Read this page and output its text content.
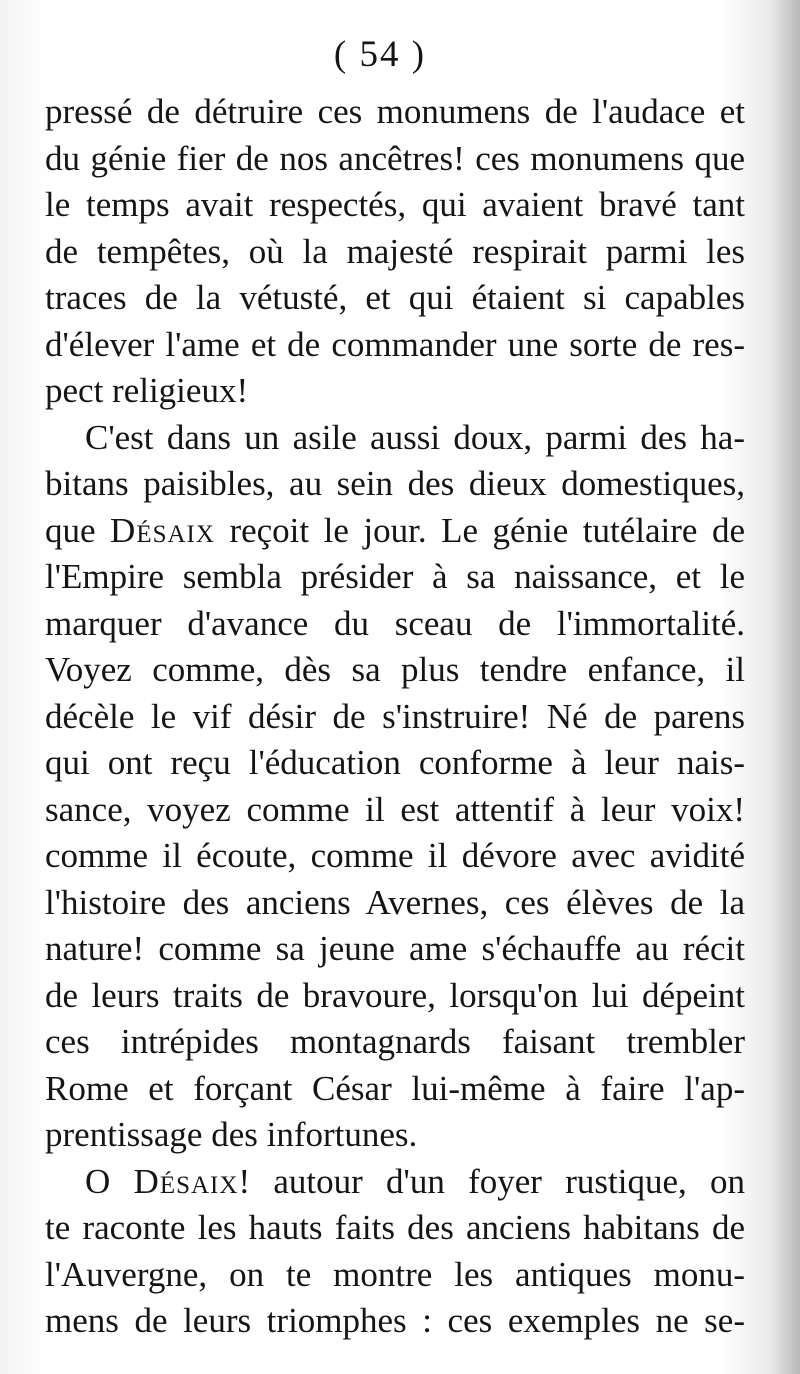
( 54 )
pressé de détruire ces monumens de l'audace et
du génie fier de nos ancêtres! ces monumens que
le temps avait respectés, qui avaient bravé tant
de tempêtes, où la majesté respirait parmi les
traces de la vétusté, et qui étaient si capables
d'élever l'ame et de commander une sorte de res-
pect religieux!
C'est dans un asile aussi doux, parmi des ha-
bitans paisibles, au sein des dieux domestiques,
que Désaix reçoit le jour. Le génie tutélaire de
l'Empire sembla présider à sa naissance, et le
marquer d'avance du sceau de l'immortalité.
Voyez comme, dès sa plus tendre enfance, il
décèle le vif désir de s'instruire! Né de parens
qui ont reçu l'éducation conforme à leur nais-
sance, voyez comme il est attentif à leur voix!
comme il écoute, comme il dévore avec avidité
l'histoire des anciens Avernes, ces élèves de la
nature! comme sa jeune ame s'échauffe au récit
de leurs traits de bravoure, lorsqu'on lui dépeint
ces intrépides montagnards faisant trembler
Rome et forçant César lui-même à faire l'ap-
prentissage des infortunes.
O Désaix! autour d'un foyer rustique, on
te raconte les hauts faits des anciens habitans de
l'Auvergne, on te montre les antiques monu-
mens de leurs triomphes : ces exemples ne se-
